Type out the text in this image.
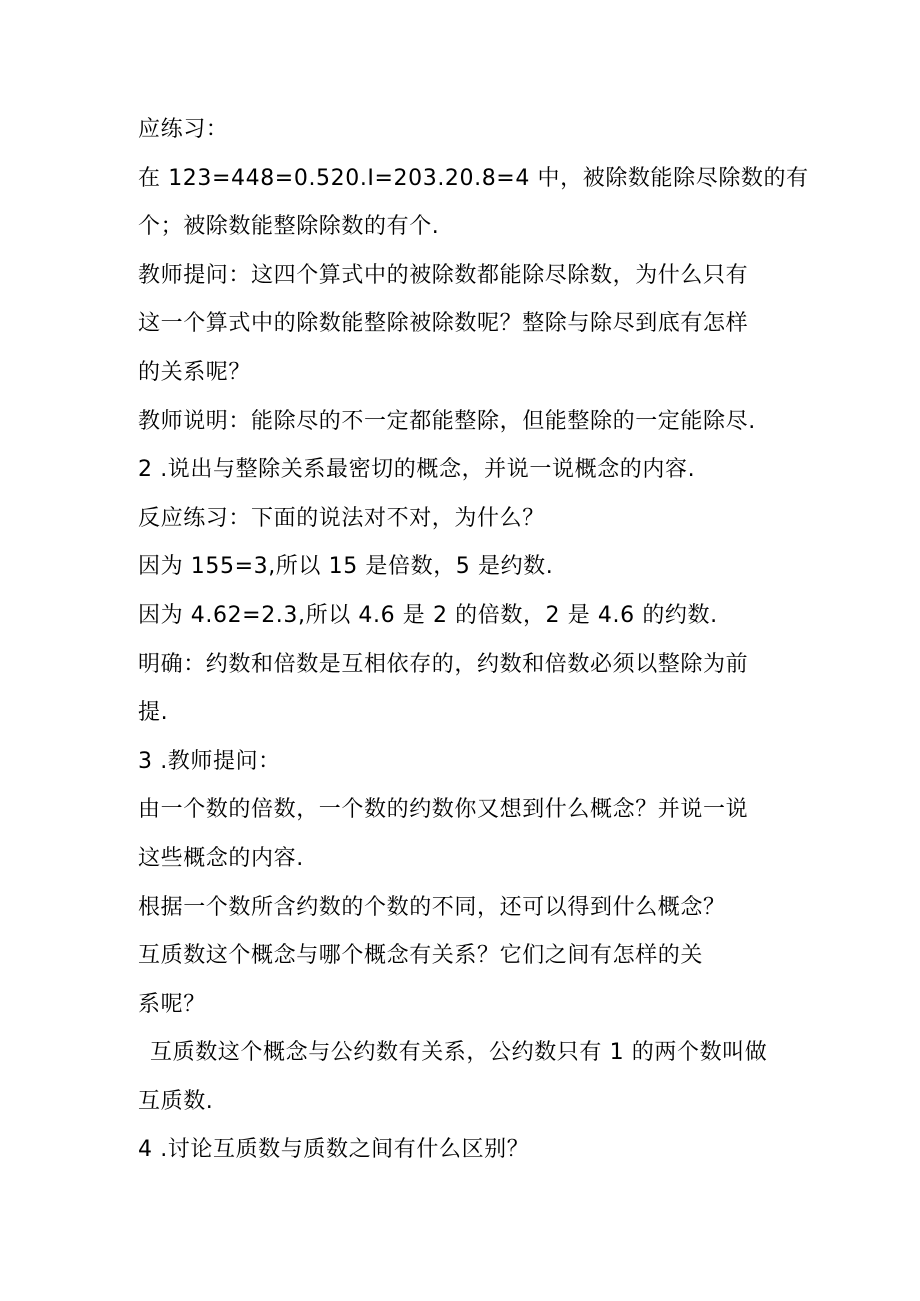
应练习：
在 123=448=0.520.I=203.20.8=4 中，被除数能除尽除数的有
个；被除数能整除除数的有个.
教师提问：这四个算式中的被除数都能除尽除数，为什么只有
这一个算式中的除数能整除被除数呢？整除与除尽到底有怎样
的关系呢？
教师说明：能除尽的不一定都能整除，但能整除的一定能除尽.
2 .说出与整除关系最密切的概念，并说一说概念的内容.
反应练习：下面的说法对不对，为什么？
因为 155=3,所以 15 是倍数，5 是约数.
因为 4.62=2.3,所以 4.6 是 2 的倍数，2 是 4.6 的约数.
明确：约数和倍数是互相依存的，约数和倍数必须以整除为前
提.
3 .教师提问：
由一个数的倍数，一个数的约数你又想到什么概念？并说一说
这些概念的内容.
根据一个数所含约数的个数的不同，还可以得到什么概念？
互质数这个概念与哪个概念有关系？它们之间有怎样的关
系呢？
互质数这个概念与公约数有关系，公约数只有 1 的两个数叫做
互质数.
4 .讨论互质数与质数之间有什么区别？
